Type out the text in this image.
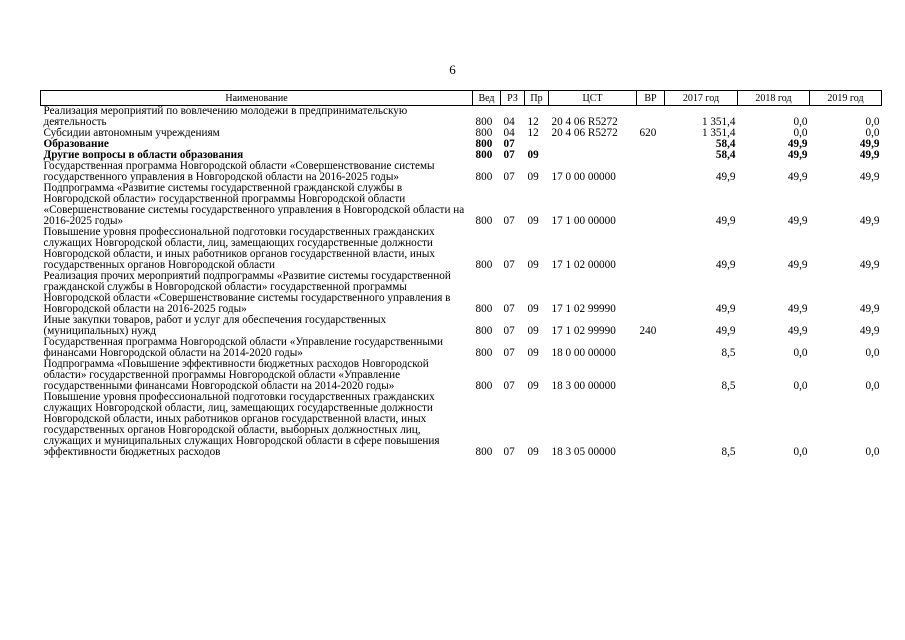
6
Наименование	Вед	РЗ	Пр	ЦСТ	ВР	2017 год	2018 год	2019 год
Реализация мероприятий по вовлечению молодежи в предпринимательскую деятельность	800	04	12	20 4 06 R5272		1 351,4	0,0	0,0
Субсидии автономным учреждениям	800	04	12	20 4 06 R5272	620	1 351,4	0,0	0,0
Образование	800	07				58,4	49,9	49,9
Другие вопросы в области образования	800	07	09			58,4	49,9	49,9
Государственная программа Новгородской области «Совершенствование системы государственного управления в Новгородской области на 2016-2025 годы»	800	07	09	17 0 00 00000		49,9	49,9	49,9
Подпрограмма «Развитие системы государственной гражданской службы в Новгородской области» государственной программы Новгородской области «Совершенствование системы государственного управления в Новгородской области на 2016-2025 годы»	800	07	09	17 1 00 00000		49,9	49,9	49,9
Повышение уровня профессиональной подготовки государственных гражданских служащих Новгородской области, лиц, замещающих государственные должности Новгородской области, и иных работников органов государственной власти, иных государственных органов Новгородской области	800	07	09	17 1 02 00000		49,9	49,9	49,9
Реализация прочих мероприятий подпрограммы «Развитие системы государственной гражданской службы в Новгородской области» государственной программы Новгородской области «Совершенствование системы государственного управления в Новгородской области на 2016-2025 годы»	800	07	09	17 1 02 99990		49,9	49,9	49,9
Иные закупки товаров, работ и услуг для обеспечения государственных (муниципальных) нужд	800	07	09	17 1 02 99990	240	49,9	49,9	49,9
Государственная программа Новгородской области «Управление государственными финансами Новгородской области на 2014-2020 годы»	800	07	09	18 0 00 00000		8,5	0,0	0,0
Подпрограмма «Повышение эффективности бюджетных расходов Новгородской области» государственной программы Новгородской области «Управление государственными финансами Новгородской области на 2014-2020 годы»	800	07	09	18 3 00 00000		8,5	0,0	0,0
Повышение уровня профессиональной подготовки государственных гражданских служащих Новгородской области, лиц, замещающих государственные должности Новгородской области, иных работников органов государственной власти, иных государственных органов Новгородской области, выборных должностных лиц, служащих и муниципальных служащих Новгородской области в сфере повышения эффективности бюджетных расходов	800	07	09	18 3 05 00000		8,5	0,0	0,0
